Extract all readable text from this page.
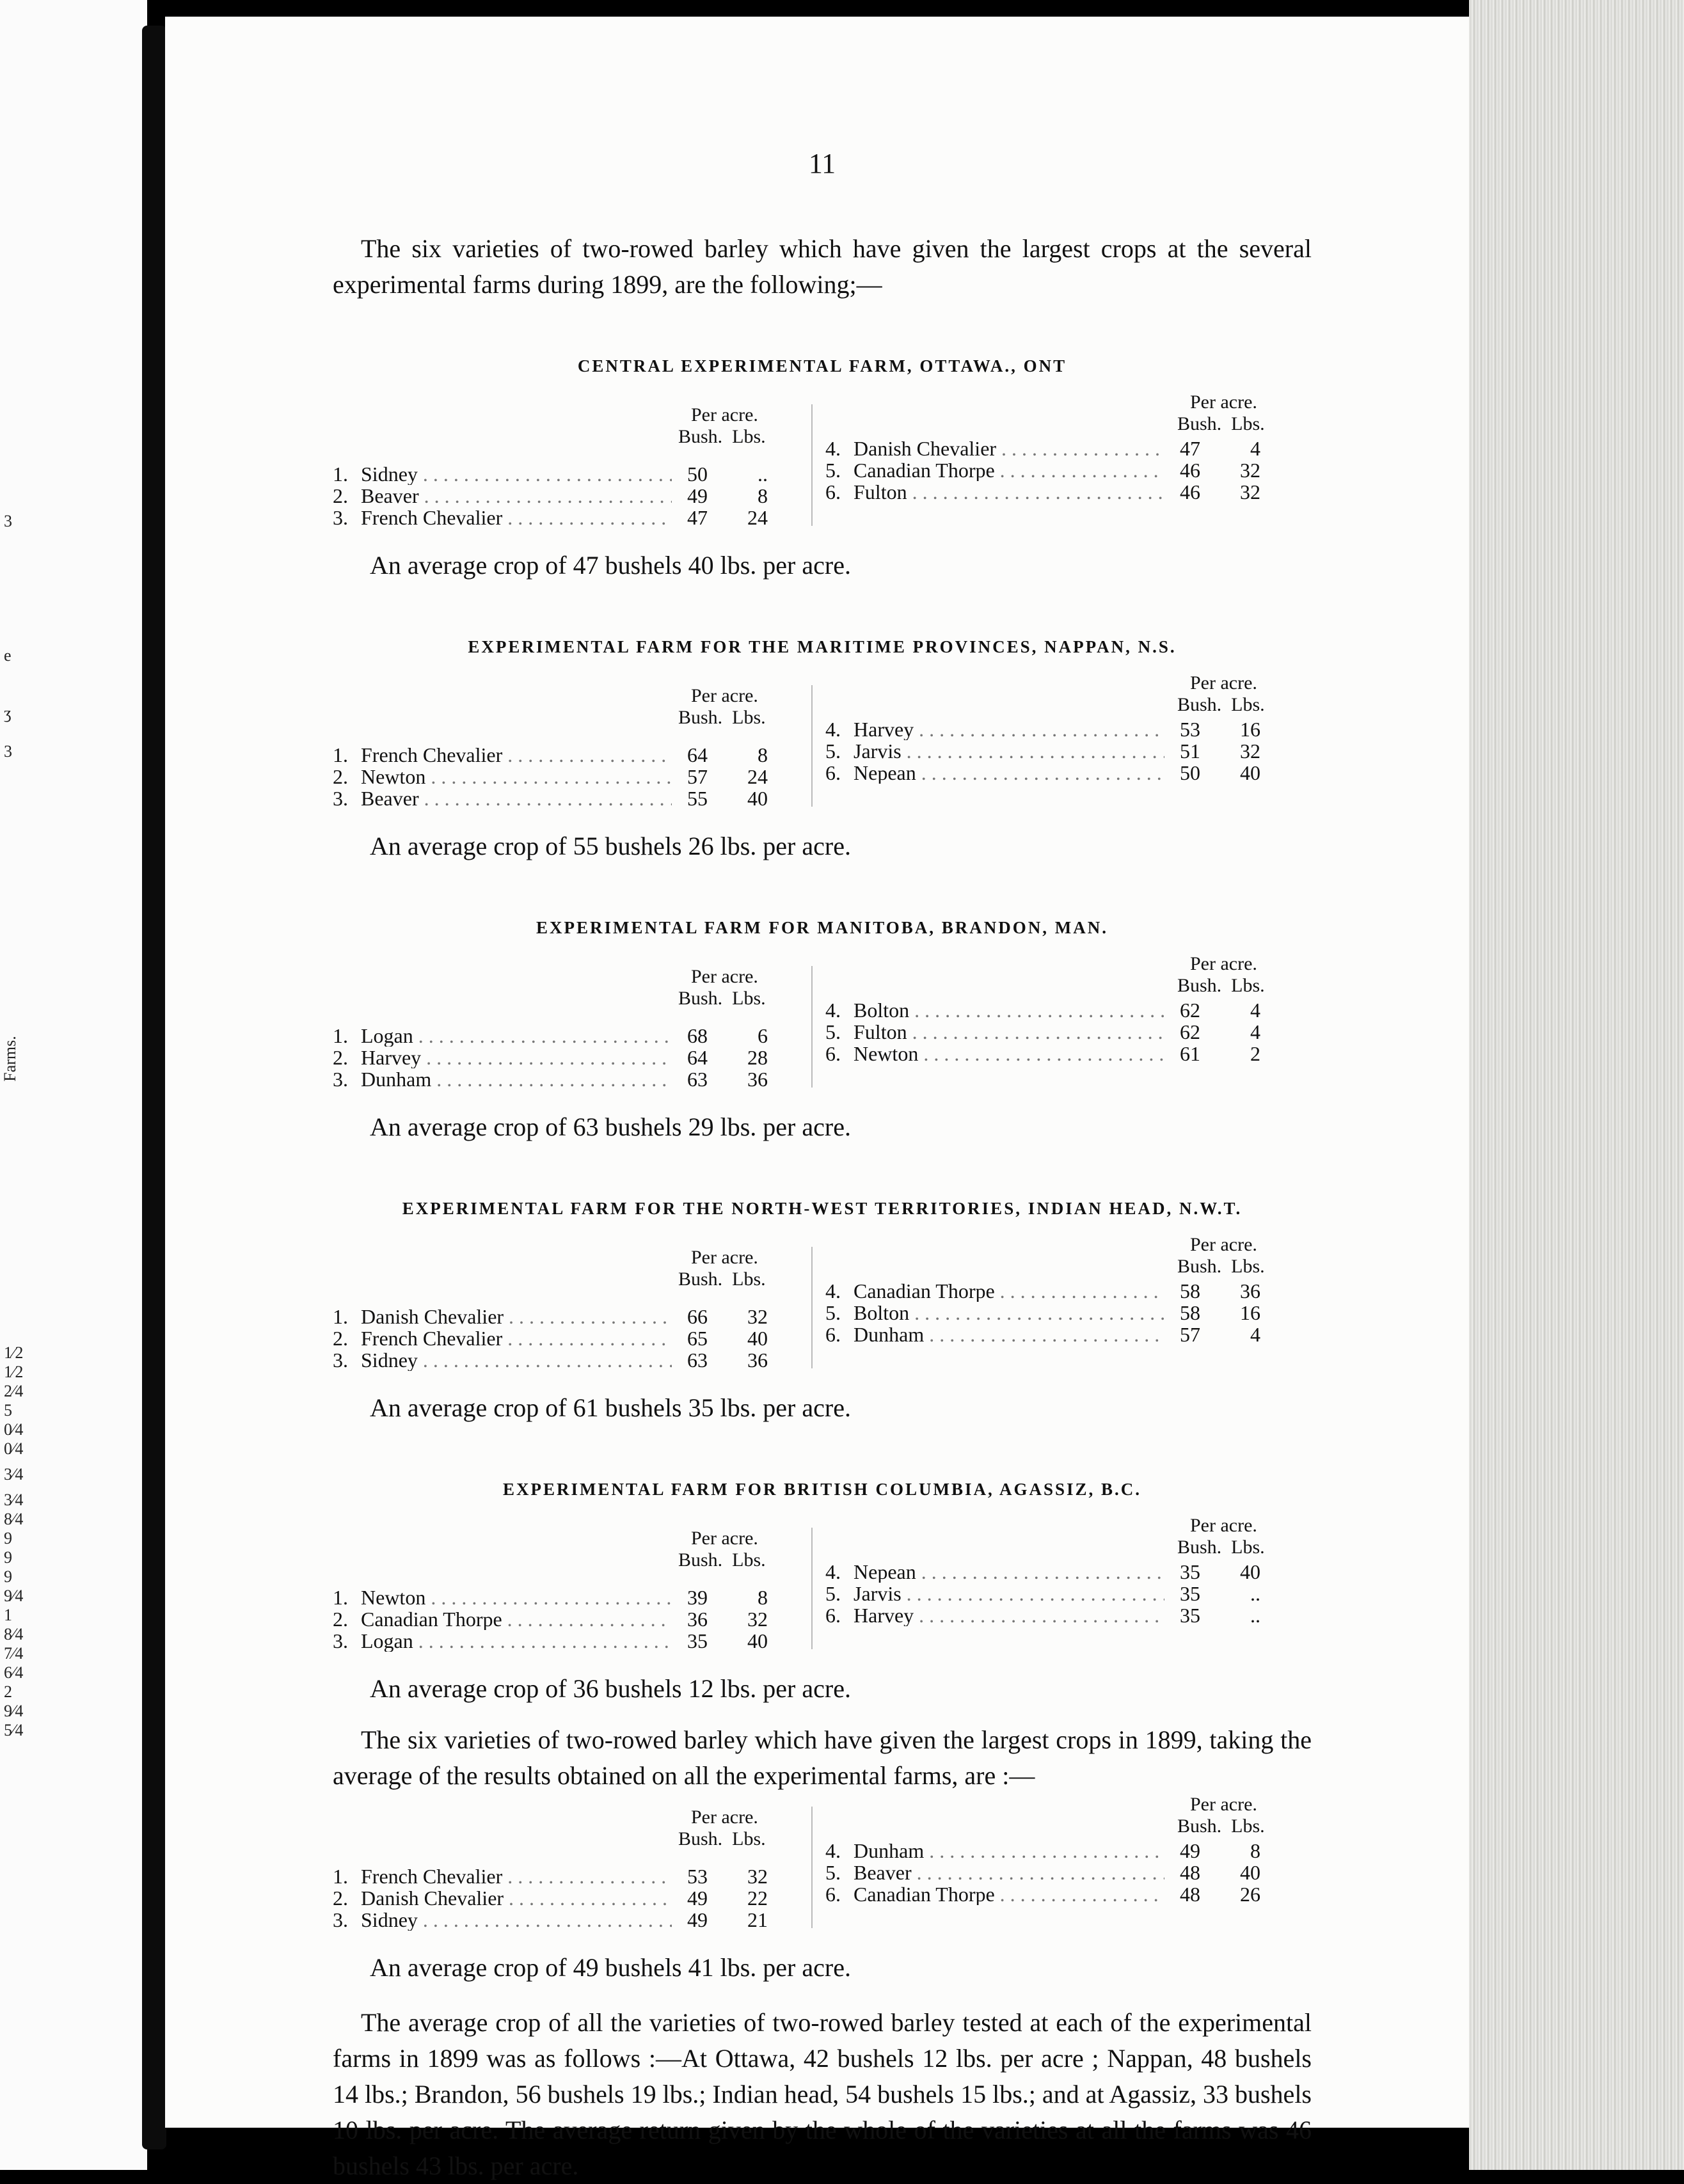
3
e
ʒ
3
Farms.
1⁄2
1⁄2
2⁄4
5
0⁄4
0⁄4
3⁄4
3⁄4
8⁄4
9
9
9
9⁄4
1
8⁄4
7⁄4
6⁄4
2
9⁄4
5⁄4
11

The six varieties of two-rowed barley which have given the largest crops at the several experimental farms during 1899, are the following;—

CENTRAL EXPERIMENTAL FARM, OTTAWA., ONT
Per acre.
Bush.  Lbs.
1. Sidney . . .	50	..
2. Beaver . . .	49	8
3. French Chevalier . . .	47	24
Per acre.
Bush.  Lbs.
4. Danish Chevalier . . .	47	4
5. Canadian Thorpe . . .	46	32
6. Fulton . . .	46	32

An average crop of 47 bushels 40 lbs. per acre.

EXPERIMENTAL FARM FOR THE MARITIME PROVINCES, NAPPAN, N.S.
Per acre.
Bush.  Lbs.
1. French Chevalier . . .	64	8
2. Newton . . .	57	24
3. Beaver . . .	55	40
Per acre.
Bush.  Lbs.
4. Harvey . . .	53	16
5. Jarvis . . .	51	32
6. Nepean . . .	50	40

An average crop of 55 bushels 26 lbs. per acre.

EXPERIMENTAL FARM FOR MANITOBA, BRANDON, MAN.
Per acre.
Bush.  Lbs.
1. Logan . . .	68	6
2. Harvey . . .	64	28
3. Dunham . . .	63	36
Per acre.
Bush.  Lbs.
4. Bolton . . .	62	4
5. Fulton . . .	62	4
6. Newton . . .	61	2

An average crop of 63 bushels 29 lbs. per acre.

EXPERIMENTAL FARM FOR THE NORTH-WEST TERRITORIES, INDIAN HEAD, N.W.T.
Per acre.
Bush.  Lbs.
1. Danish Chevalier . . .	66	32
2. French Chevalier . . .	65	40
3. Sidney . . .	63	36
Per acre.
Bush.  Lbs.
4. Canadian Thorpe . . .	58	36
5. Bolton . . .	58	16
6. Dunham . . .	57	4

An average crop of 61 bushels 35 lbs. per acre.

EXPERIMENTAL FARM FOR BRITISH COLUMBIA, AGASSIZ, B.C.
Per acre.
Bush.  Lbs.
1. Newton . . .	39	8
2. Canadian Thorpe . . .	36	32
3. Logan . . .	35	40
Per acre.
Bush.  Lbs.
4. Nepean . . .	35	40
5. Jarvis . . .	35	..
6. Harvey . . .	35	..

An average crop of 36 bushels 12 lbs. per acre.

The six varieties of two-rowed barley which have given the largest crops in 1899, taking the average of the results obtained on all the experimental farms, are :—

Per acre.
Bush.  Lbs.
1. French Chevalier . . .	53	32
2. Danish Chevalier . . .	49	22
3. Sidney . . .	49	21
Per acre.
Bush.  Lbs.
4. Dunham . . .	49	8
5. Beaver . . .	48	40
6. Canadian Thorpe . . .	48	26

An average crop of 49 bushels 41 lbs. per acre.

The average crop of all the varieties of two-rowed barley tested at each of the experimental farms in 1899 was as follows :—At Ottawa, 42 bushels 12 lbs. per acre ; Nappan, 48 bushels 14 lbs.; Brandon, 56 bushels 19 lbs.; Indian head, 54 bushels 15 lbs.; and at Agassiz, 33 bushels 10 lbs. per acre. The average return given by the whole of the varieties at all the farms was 46 bushels 43 lbs. per acre.
